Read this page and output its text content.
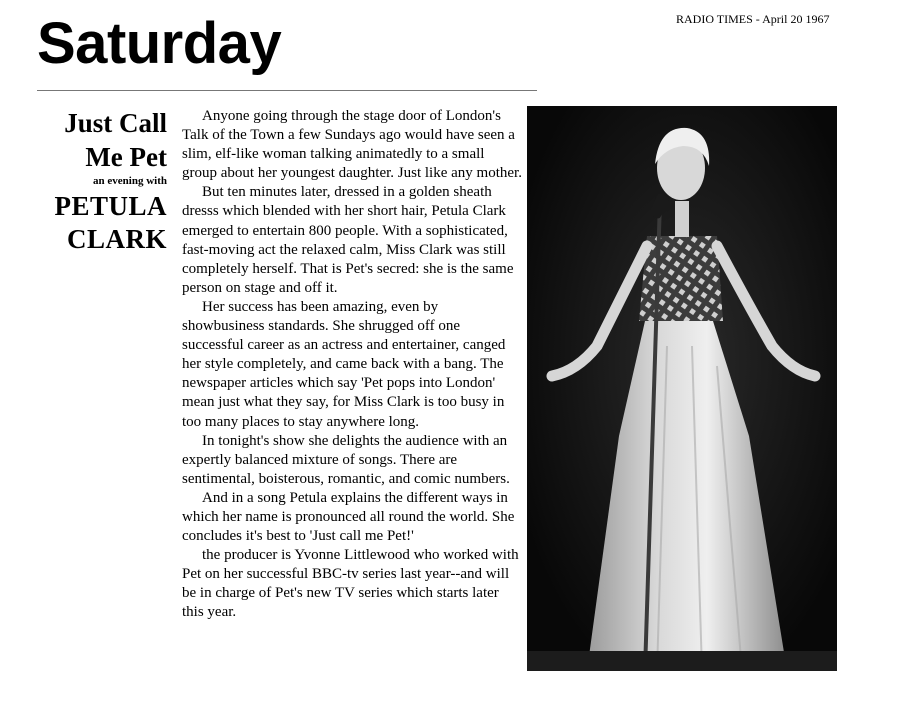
RADIO TIMES - April 20 1967
Saturday
Just Call
Me Pet
an evening with
PETULA
CLARK

Anyone going through the stage door of London's Talk of the Town a few Sundays ago would have seen a slim, elf-like woman talking animatedly to a small group about her youngest daughter. Just like any mother.

But ten minutes later, dressed in a golden sheath dresss which blended with her short hair, Petula Clark emerged to entertain 800 people. With a sophisticated, fast-moving act the relaxed calm, Miss Clark was still completely herself. That is Pet's secred: she is the same person on stage and off it.

Her success has been amazing, even by showbusiness standards. She shrugged off one successful career as an actress and entertainer, canged her style completely, and came back with a bang. The newspaper articles which say 'Pet pops into London' mean just what they say, for Miss Clark is too busy in too many places to stay anywhere long.

In tonight's show she delights the audience with an expertly balanced mixture of songs. There are sentimental, boisterous, romantic, and comic numbers.

And in a song Petula explains the different ways in which her name is pronounced all round the world. She concludes it's best to 'Just call me Pet!'

the producer is Yvonne Littlewood who worked with Pet on her successful BBC-tv series last year--and will be in charge of Pet's new TV series which starts later this year.
